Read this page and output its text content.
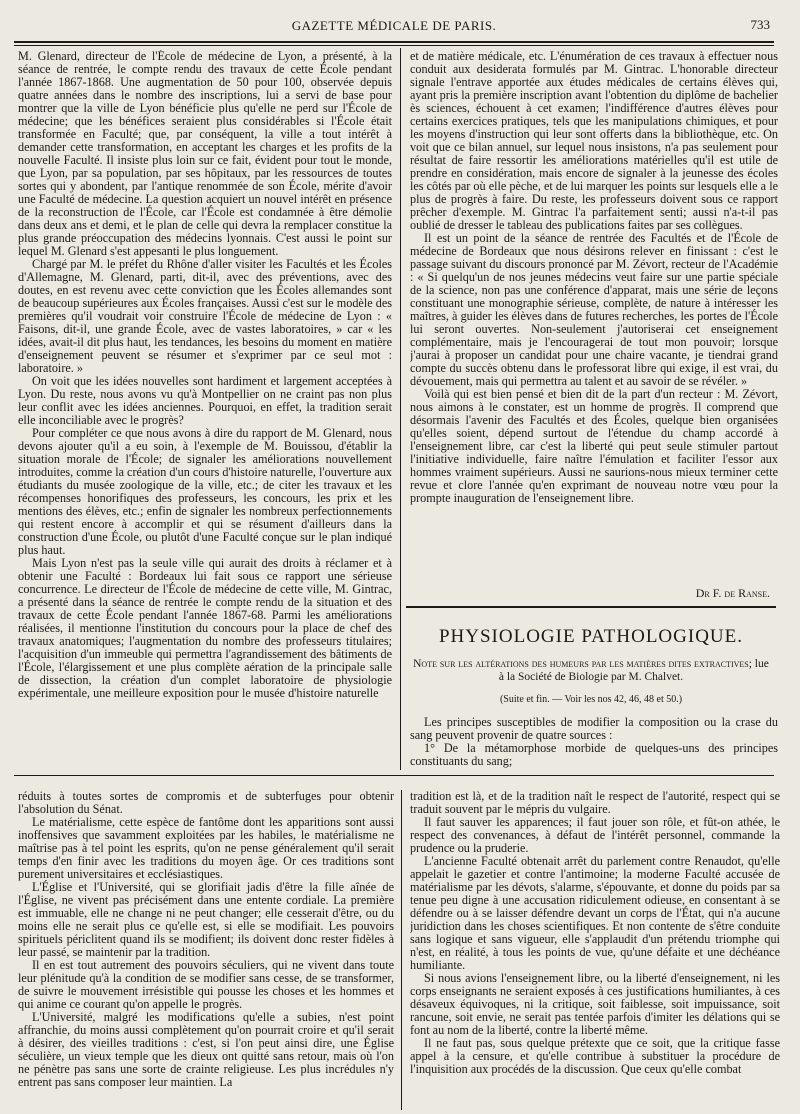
GAZETTE MÉDICALE DE PARIS.	733

M. Glenard, directeur de l'École de médecine de Lyon, a présenté, à la séance de rentrée, le compte rendu des travaux de cette École pendant l'année 1867-1868. Une augmentation de 50 pour 100, observée depuis quatre années dans le nombre des inscriptions, lui a servi de base pour montrer que la ville de Lyon bénéficie plus qu'elle ne perd sur l'École de médecine; que les bénéfices seraient plus considérables si l'École était transformée en Faculté; que, par conséquent, la ville a tout intérêt à demander cette transformation, en acceptant les charges et les profits de la nouvelle Faculté. Il insiste plus loin sur ce fait, évident pour tout le monde, que Lyon, par sa population, par ses hôpitaux, par les ressources de toutes sortes qui y abondent, par l'antique renommée de son École, mérite d'avoir une Faculté de médecine. La question acquiert un nouvel intérêt en présence de la reconstruction de l'École, car l'École est condamnée à être démolie dans deux ans et demi, et le plan de celle qui devra la remplacer constitue la plus grande préoccupation des médecins lyonnais. C'est aussi le point sur lequel M. Glenard s'est appesanti le plus longuement.

Chargé par M. le préfet du Rhône d'aller visiter les Facultés et les Écoles d'Allemagne, M. Glenard, parti, dit-il, avec des préventions, avec des doutes, en est revenu avec cette conviction que les Écoles allemandes sont de beaucoup supérieures aux Écoles françaises. Aussi c'est sur le modèle des premières qu'il voudrait voir construire l'École de médecine de Lyon : « Faisons, dit-il, une grande École, avec de vastes laboratoires, » car « les idées, avait-il dit plus haut, les tendances, les besoins du moment en matière d'enseignement peuvent se résumer et s'exprimer par ce seul mot : laboratoire. »

On voit que les idées nouvelles sont hardiment et largement acceptées à Lyon. Du reste, nous avons vu qu'à Montpellier on ne craint pas non plus leur conflit avec les idées anciennes. Pourquoi, en effet, la tradition serait elle inconciliable avec le progrès?

Pour compléter ce que nous avons à dire du rapport de M. Glenard, nous devons ajouter qu'il a eu soin, à l'exemple de M. Bouissou, d'établir la situation morale de l'École; de signaler les améliorations nouvellement introduites, comme la création d'un cours d'histoire naturelle, l'ouverture aux étudiants du musée zoologique de la ville, etc.; de citer les travaux et les récompenses honorifiques des professeurs, les concours, les prix et les mentions des élèves, etc.; enfin de signaler les nombreux perfectionnements qui restent encore à accomplir et qui se résument d'ailleurs dans la construction d'une École, ou plutôt d'une Faculté conçue sur le plan indiqué plus haut.

Mais Lyon n'est pas la seule ville qui aurait des droits à réclamer et à obtenir une Faculté : Bordeaux lui fait sous ce rapport une sérieuse concurrence. Le directeur de l'École de médecine de cette ville, M. Gintrac, a présenté dans la séance de rentrée le compte rendu de la situation et des travaux de cette École pendant l'année 1867-68. Parmi les améliorations réalisées, il mentionne l'institution du concours pour la place de chef des travaux anatomiques; l'augmentation du nombre des professeurs titulaires; l'acquisition d'un immeuble qui permettra l'agrandissement des bâtiments de l'École, l'élargissement et une plus complète aération de la principale salle de dissection, la création d'un complet laboratoire de physiologie expérimentale, une meilleure exposition pour le musée d'histoire naturelle

et de matière médicale, etc. L'énumération de ces travaux à effectuer nous conduit aux desiderata formulés par M. Gintrac. L'honorable directeur signale l'entrave apportée aux études médicales de certains élèves qui, ayant pris la première inscription avant l'obtention du diplôme de bachelier ès sciences, échouent à cet examen; l'indifférence d'autres élèves pour certains exercices pratiques, tels que les manipulations chimiques, et pour les moyens d'instruction qui leur sont offerts dans la bibliothèque, etc. On voit que ce bilan annuel, sur lequel nous insistons, n'a pas seulement pour résultat de faire ressortir les améliorations matérielles qu'il est utile de prendre en considération, mais encore de signaler à la jeunesse des écoles les côtés par où elle pèche, et de lui marquer les points sur lesquels elle a le plus de progrès à faire. Du reste, les professeurs doivent sous ce rapport prêcher d'exemple. M. Gintrac l'a parfaitement senti; aussi n'a-t-il pas oublié de dresser le tableau des publications faites par ses collègues.

Il est un point de la séance de rentrée des Facultés et de l'École de médecine de Bordeaux que nous désirons relever en finissant : c'est le passage suivant du discours prononcé par M. Zévort, recteur de l'Académie : « Si quelqu'un de nos jeunes médecins veut faire sur une partie spéciale de la science, non pas une conférence d'apparat, mais une série de leçons constituant une monographie sérieuse, complète, de nature à intéresser les maîtres, à guider les élèves dans de futures recherches, les portes de l'École lui seront ouvertes. Non-seulement j'autoriserai cet enseignement complémentaire, mais je l'encouragerai de tout mon pouvoir; lorsque j'aurai à proposer un candidat pour une chaire vacante, je tiendrai grand compte du succès obtenu dans le professorat libre qui exige, il est vrai, du dévouement, mais qui permettra au talent et au savoir de se révéler. »

Voilà qui est bien pensé et bien dit de la part d'un recteur : M. Zévort, nous aimons à le constater, est un homme de progrès. Il comprend que désormais l'avenir des Facultés et des Écoles, quelque bien organisées qu'elles soient, dépend surtout de l'étendue du champ accordé à l'enseignement libre, car c'est la liberté qui peut seule stimuler partout l'initiative individuelle, faire naître l'émulation et faciliter l'essor aux hommes vraiment supérieurs. Aussi ne saurions-nous mieux terminer cette revue et clore l'année qu'en exprimant de nouveau notre vœu pour la prompte inauguration de l'enseignement libre.

Dr F. de Ranse.
PHYSIOLOGIE PATHOLOGIQUE.
Note sur les altérations des humeurs par les matières dites extractives; lue à la Société de Biologie par M. Chalvet.
(Suite et fin. — Voir les nos 42, 46, 48 et 50.)

Les principes susceptibles de modifier la composition ou la crase du sang peuvent provenir de quatre sources :

1° De la métamorphose morbide de quelques-uns des principes constituants du sang;

réduits à toutes sortes de compromis et de subterfuges pour obtenir l'absolution du Sénat.

Le matérialisme, cette espèce de fantôme dont les apparitions sont aussi inoffensives que savamment exploitées par les habiles, le matérialisme ne maîtrise pas à tel point les esprits, qu'on ne pense généralement qu'il serait temps d'en finir avec les traditions du moyen âge. Or ces traditions sont purement universitaires et ecclésiastiques.

L'Église et l'Université, qui se glorifiait jadis d'être la fille aînée de l'Église, ne vivent pas précisément dans une entente cordiale. La première est immuable, elle ne change ni ne peut changer; elle cesserait d'être, ou du moins elle ne serait plus ce qu'elle est, si elle se modifiait. Les pouvoirs spirituels périclitent quand ils se modifient; ils doivent donc rester fidèles à leur passé, se maintenir par la tradition.

Il en est tout autrement des pouvoirs séculiers, qui ne vivent dans toute leur plénitude qu'à la condition de se modifier sans cesse, de se transformer, de suivre le mouvement irrésistible qui pousse les choses et les hommes et qui anime ce courant qu'on appelle le progrès.

L'Université, malgré les modifications qu'elle a subies, n'est point affranchie, du moins aussi complètement qu'on pourrait croire et qu'il serait à désirer, des vieilles traditions : c'est, si l'on peut ainsi dire, une Église séculière, un vieux temple que les dieux ont quitté sans retour, mais où l'on ne pénètre pas sans une sorte de crainte religieuse. Les plus incrédules n'y entrent pas sans composer leur maintien. La

tradition est là, et de la tradition naît le respect de l'autorité, respect qui se traduit souvent par le mépris du vulgaire.

Il faut sauver les apparences; il faut jouer son rôle, et fût-on athée, le respect des convenances, à défaut de l'intérêt personnel, commande la prudence ou la pruderie.

L'ancienne Faculté obtenait arrêt du parlement contre Renaudot, qu'elle appelait le gazetier et contre l'antimoine; la moderne Faculté accusée de matérialisme par les dévots, s'alarme, s'épouvante, et donne du poids par sa tenue peu digne à une accusation ridiculement odieuse, en consentant à se défendre ou à se laisser défendre devant un corps de l'État, qui n'a aucune juridiction dans les choses scientifiques. Et non contente de s'être conduite sans logique et sans vigueur, elle s'applaudit d'un prétendu triomphe qui n'est, en réalité, à tous les points de vue, qu'une défaite et une déchéance humiliante.

Si nous avions l'enseignement libre, ou la liberté d'enseignement, ni les corps enseignants ne seraient exposés à ces justifications humiliantes, à ces désaveux équivoques, ni la critique, soit faiblesse, soit impuissance, soit rancune, soit envie, ne serait pas tentée parfois d'imiter les délations qui se font au nom de la liberté, contre la liberté même.

Il ne faut pas, sous quelque prétexte que ce soit, que la critique fasse appel à la censure, et qu'elle contribue à substituer la procédure de l'inquisition aux procédés de la discussion. Que ceux qu'elle combat
